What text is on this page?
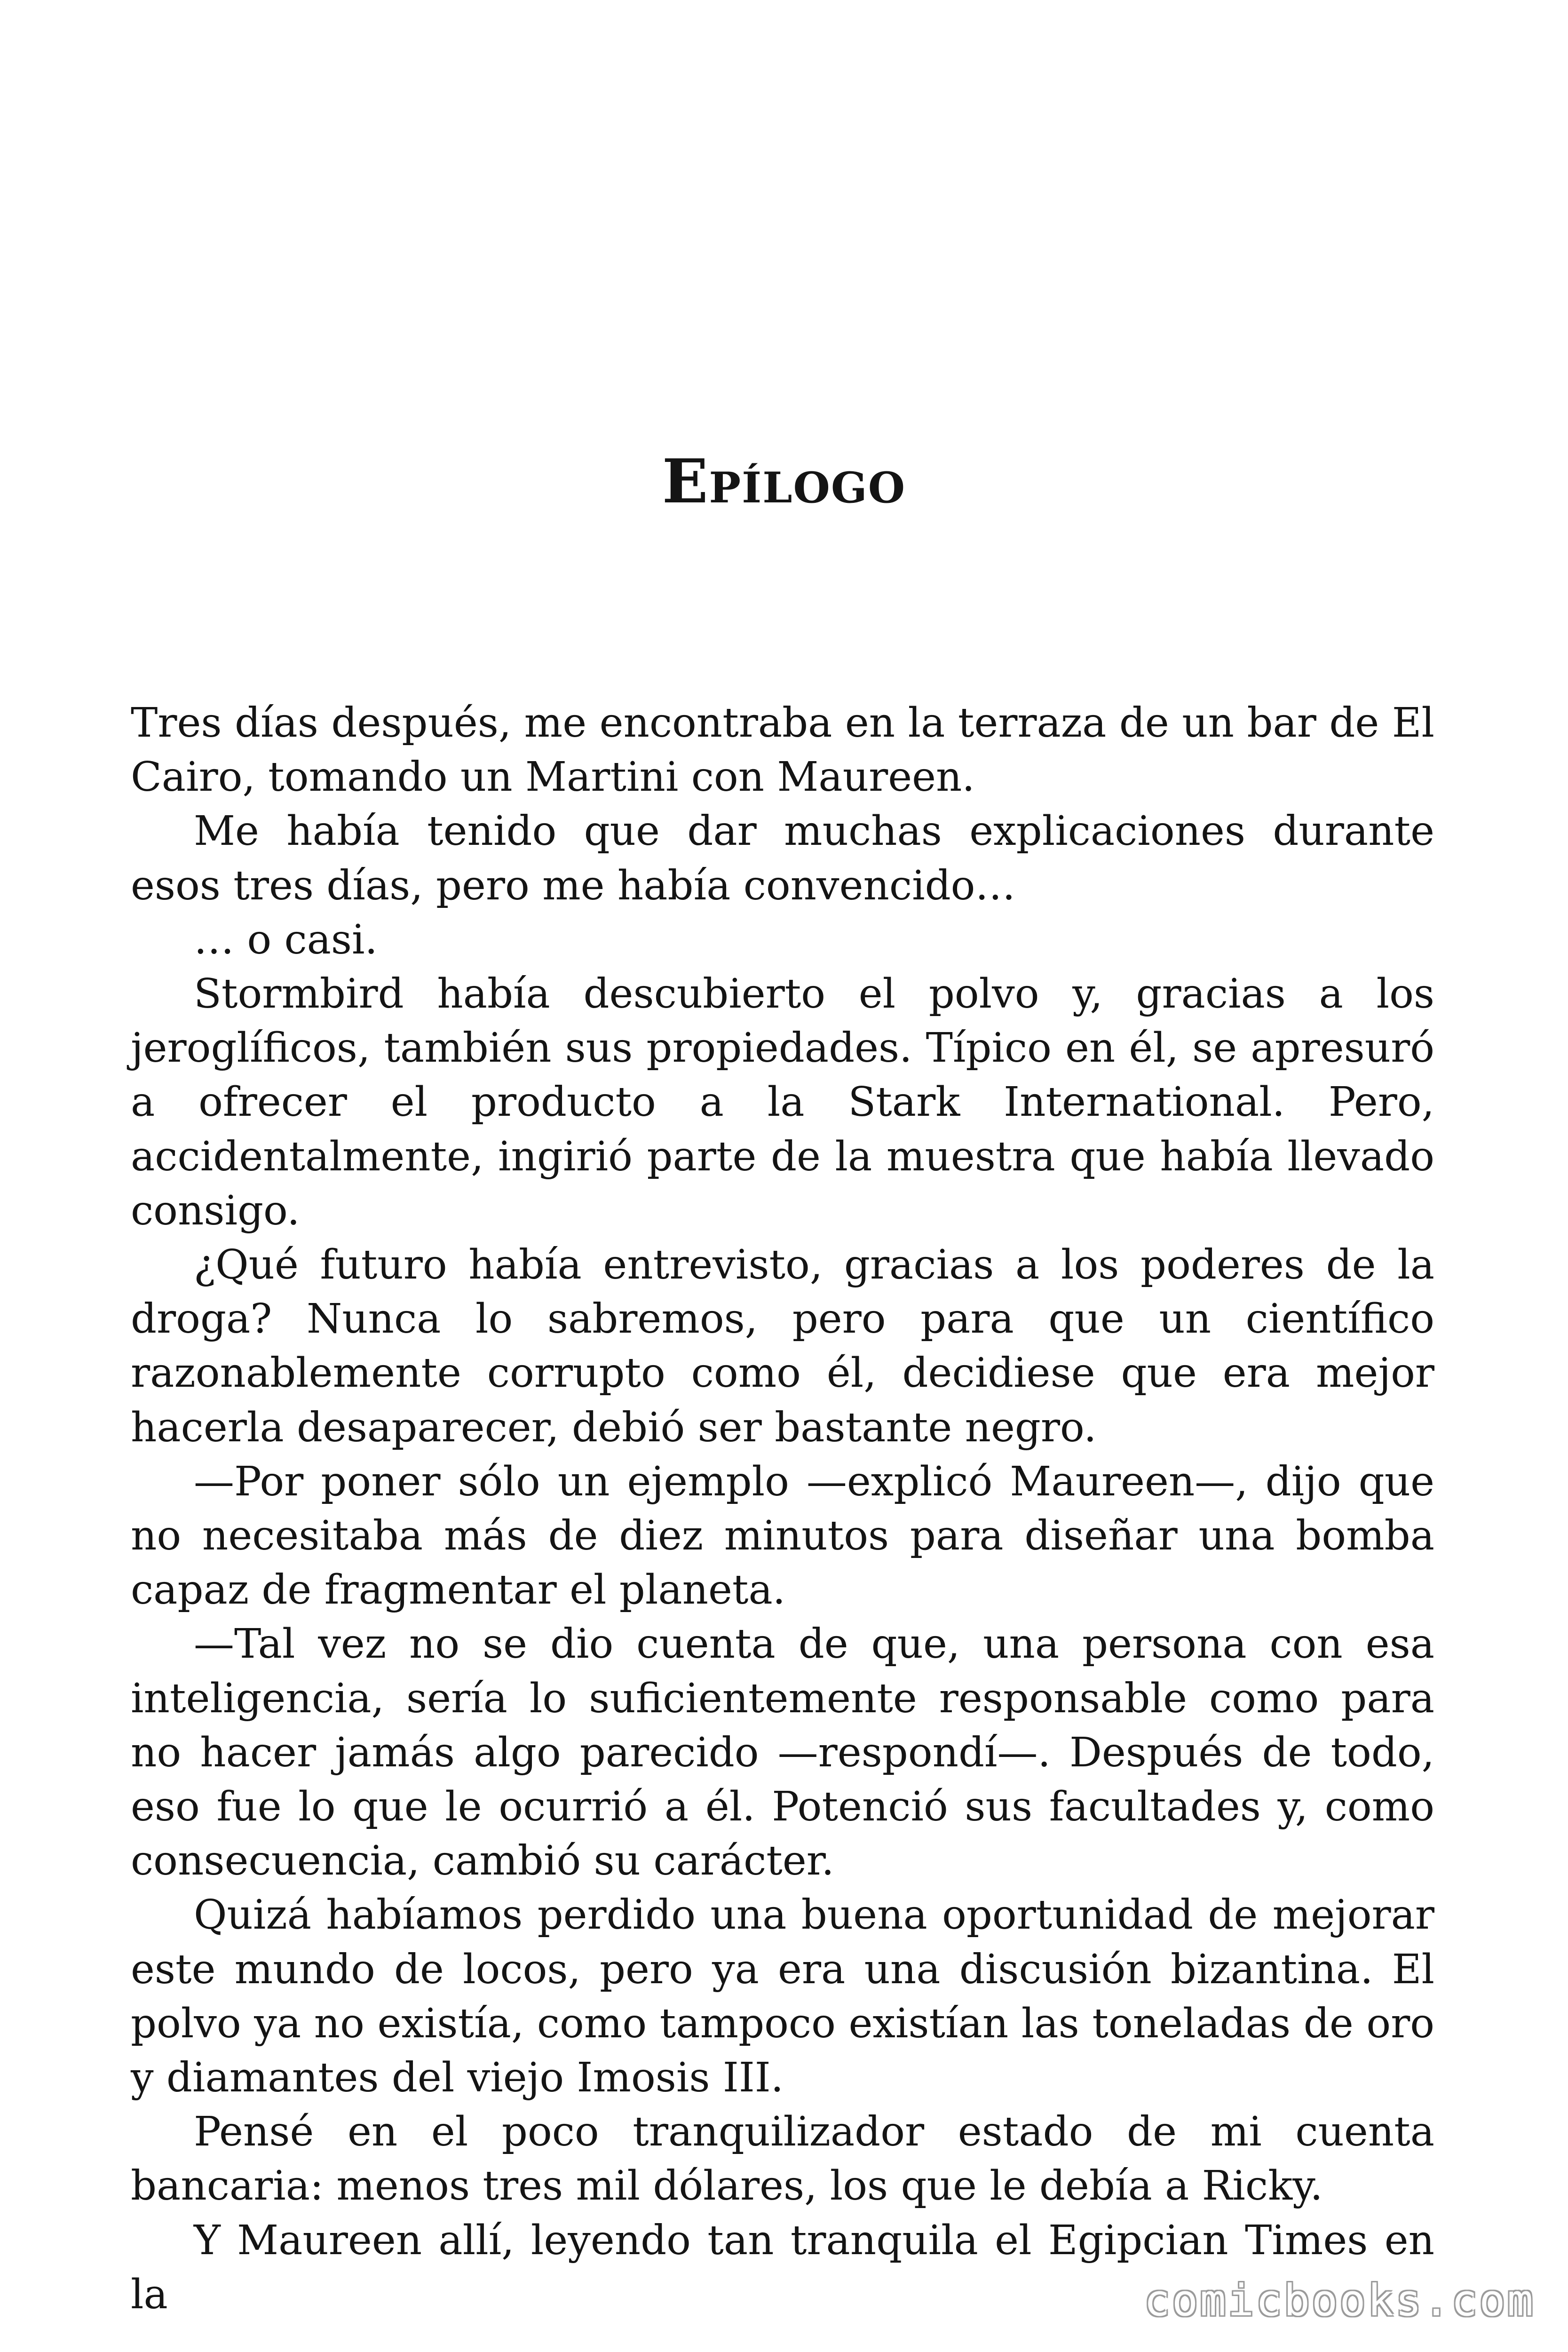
Epílogo

Tres días después, me encontraba en la terraza de un bar de El Cairo, tomando un Martini con Maureen.

Me había tenido que dar muchas explicaciones durante esos tres días, pero me había convencido…

… o casi.

Stormbird había descubierto el polvo y, gracias a los jeroglíficos, también sus propiedades. Típico en él, se apresuró a ofrecer el producto a la Stark International. Pero, accidentalmente, ingirió parte de la muestra que había llevado consigo.

¿Qué futuro había entrevisto, gracias a los poderes de la droga? Nunca lo sabremos, pero para que un científico razonablemente corrupto como él, decidiese que era mejor hacerla desaparecer, debió ser bastante negro.

—Por poner sólo un ejemplo —explicó Maureen—, dijo que no necesitaba más de diez minutos para diseñar una bomba capaz de fragmentar el planeta.

—Tal vez no se dio cuenta de que, una persona con esa inteligencia, sería lo suficientemente responsable como para no hacer jamás algo parecido —respondí—. Después de todo, eso fue lo que le ocurrió a él. Potenció sus facultades y, como consecuencia, cambió su carácter.

Quizá habíamos perdido una buena oportunidad de mejorar este mundo de locos, pero ya era una discusión bizantina. El polvo ya no existía, como tampoco existían las toneladas de oro y diamantes del viejo Imosis III.

Pensé en el poco tranquilizador estado de mi cuenta bancaria: menos tres mil dólares, los que le debía a Ricky.

Y Maureen allí, leyendo tan tranquila el Egipcian Times en la	comicbooks.com
